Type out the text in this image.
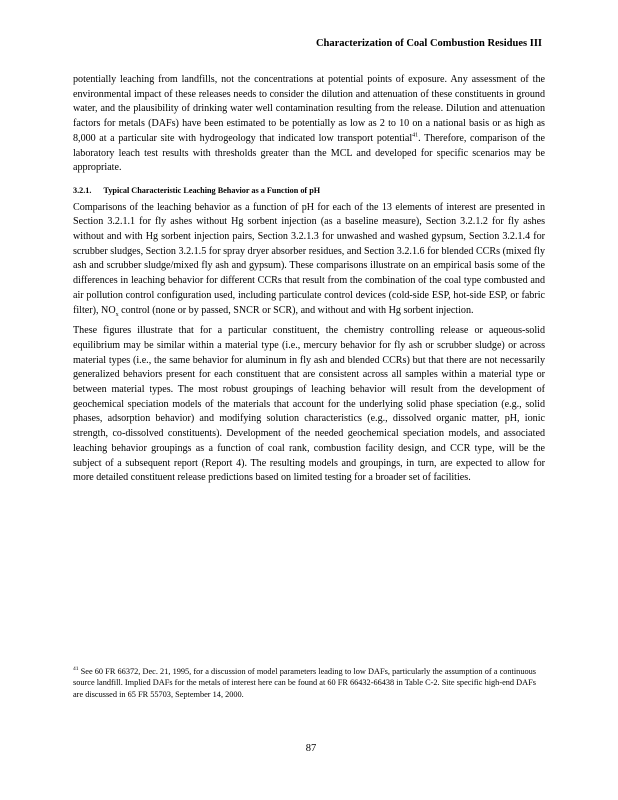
Characterization of Coal Combustion Residues III

potentially leaching from landfills, not the concentrations at potential points of exposure. Any assessment of the environmental impact of these releases needs to consider the dilution and attenuation of these constituents in ground water, and the plausibility of drinking water well contamination resulting from the release. Dilution and attenuation factors for metals (DAFs) have been estimated to be potentially as low as 2 to 10 on a national basis or as high as 8,000 at a particular site with hydrogeology that indicated low transport potential$^{41}$. Therefore, comparison of the laboratory leach test results with thresholds greater than the MCL and developed for specific scenarios may be appropriate.

3.2.1. Typical Characteristic Leaching Behavior as a Function of pH

Comparisons of the leaching behavior as a function of pH for each of the 13 elements of interest are presented in Section 3.2.1.1 for fly ashes without Hg sorbent injection (as a baseline measure), Section 3.2.1.2 for fly ashes without and with Hg sorbent injection pairs, Section 3.2.1.3 for unwashed and washed gypsum, Section 3.2.1.4 for scrubber sludges, Section 3.2.1.5 for spray dryer absorber residues, and Section 3.2.1.6 for blended CCRs (mixed fly ash and scrubber sludge/mixed fly ash and gypsum). These comparisons illustrate on an empirical basis some of the differences in leaching behavior for different CCRs that result from the combination of the coal type combusted and air pollution control configuration used, including particulate control devices (cold-side ESP, hot-side ESP, or fabric filter), $NO_x$ control (none or by passed, SNCR or SCR), and without and with Hg sorbent injection.

These figures illustrate that for a particular constituent, the chemistry controlling release or aqueous-solid equilibrium may be similar within a material type (i.e., mercury behavior for fly ash or scrubber sludge) or across material types (i.e., the same behavior for aluminum in fly ash and blended CCRs) but that there are not necessarily generalized behaviors present for each constituent that are consistent across all samples within a material type or between material types. The most robust groupings of leaching behavior will result from the development of geochemical speciation models of the materials that account for the underlying solid phase speciation (e.g., solid phases, adsorption behavior) and modifying solution characteristics (e.g., dissolved organic matter, pH, ionic strength, co-dissolved constituents). Development of the needed geochemical speciation models, and associated leaching behavior groupings as a function of coal rank, combustion facility design, and CCR type, will be the subject of a subsequent report (Report 4). The resulting models and groupings, in turn, are expected to allow for more detailed constituent release predictions based on limited testing for a broader set of facilities.

$^{41}$ See 60 FR 66372, Dec. 21, 1995, for a discussion of model parameters leading to low DAFs, particularly the assumption of a continuous source landfill. Implied DAFs for the metals of interest here can be found at 60 FR 66432-66438 in Table C-2. Site specific high-end DAFs are discussed in 65 FR 55703, September 14, 2000.
87
